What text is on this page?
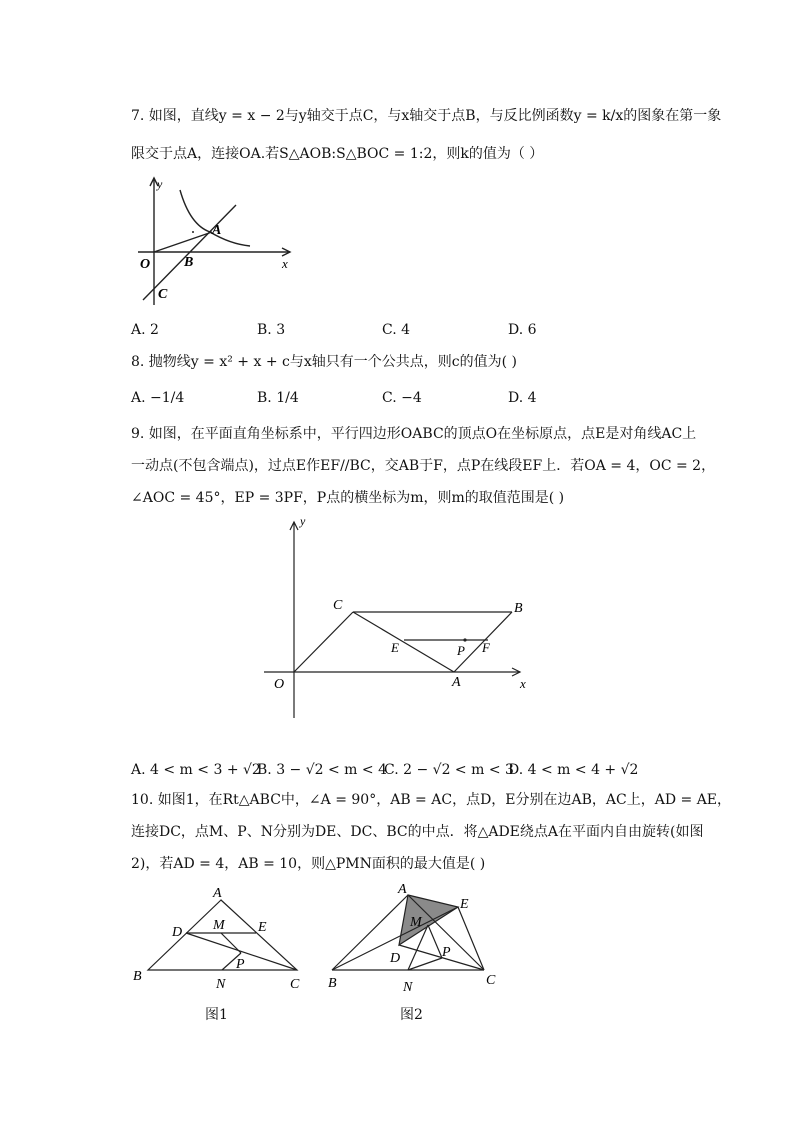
7. 如图，直线y = x − 2与y轴交于点C，与x轴交于点B，与反比例函数y = k/x的图象在第一象
限交于点A，连接OA.若S△AOB:S△BOC = 1:2，则k的值为（ ）
y
x
O B
A
C
A. 2	B. 3	C. 4	D. 6
8. 抛物线y = x² + x + c与x轴只有一个公共点，则c的值为( )
A. −1/4	B. 1/4	C. −4	D. 4
9. 如图，在平面直角坐标系中，平行四边形OABC的顶点O在坐标原点，点E是对角线AC上
一动点(不包含端点)，过点E作EF//BC，交AB于F，点P在线段EF上．若OA = 4，OC = 2，
∠AOC = 45°，EP = 3PF，P点的横坐标为m，则m的取值范围是( )
y
x
O	A
B
C
E	P F
A. 4 < m < 3 + √2
B. 3 − √2 < m < 4
C. 2 − √2 < m < 3
D. 4 < m < 4 + √2
10. 如图1，在Rt△ABC中，∠A = 90°，AB = AC，点D，E分别在边AB，AC上，AD = AE，
连接DC，点M、P、N分别为DE、DC、BC的中点．将△ADE绕点A在平面内自由旋转(如图
2)，若AD = 4，AB = 10，则△PMN面积的最大值是( )
A
D M E
P
B
N	C
图1
A
E
M
D	P
B	N	C
图2
